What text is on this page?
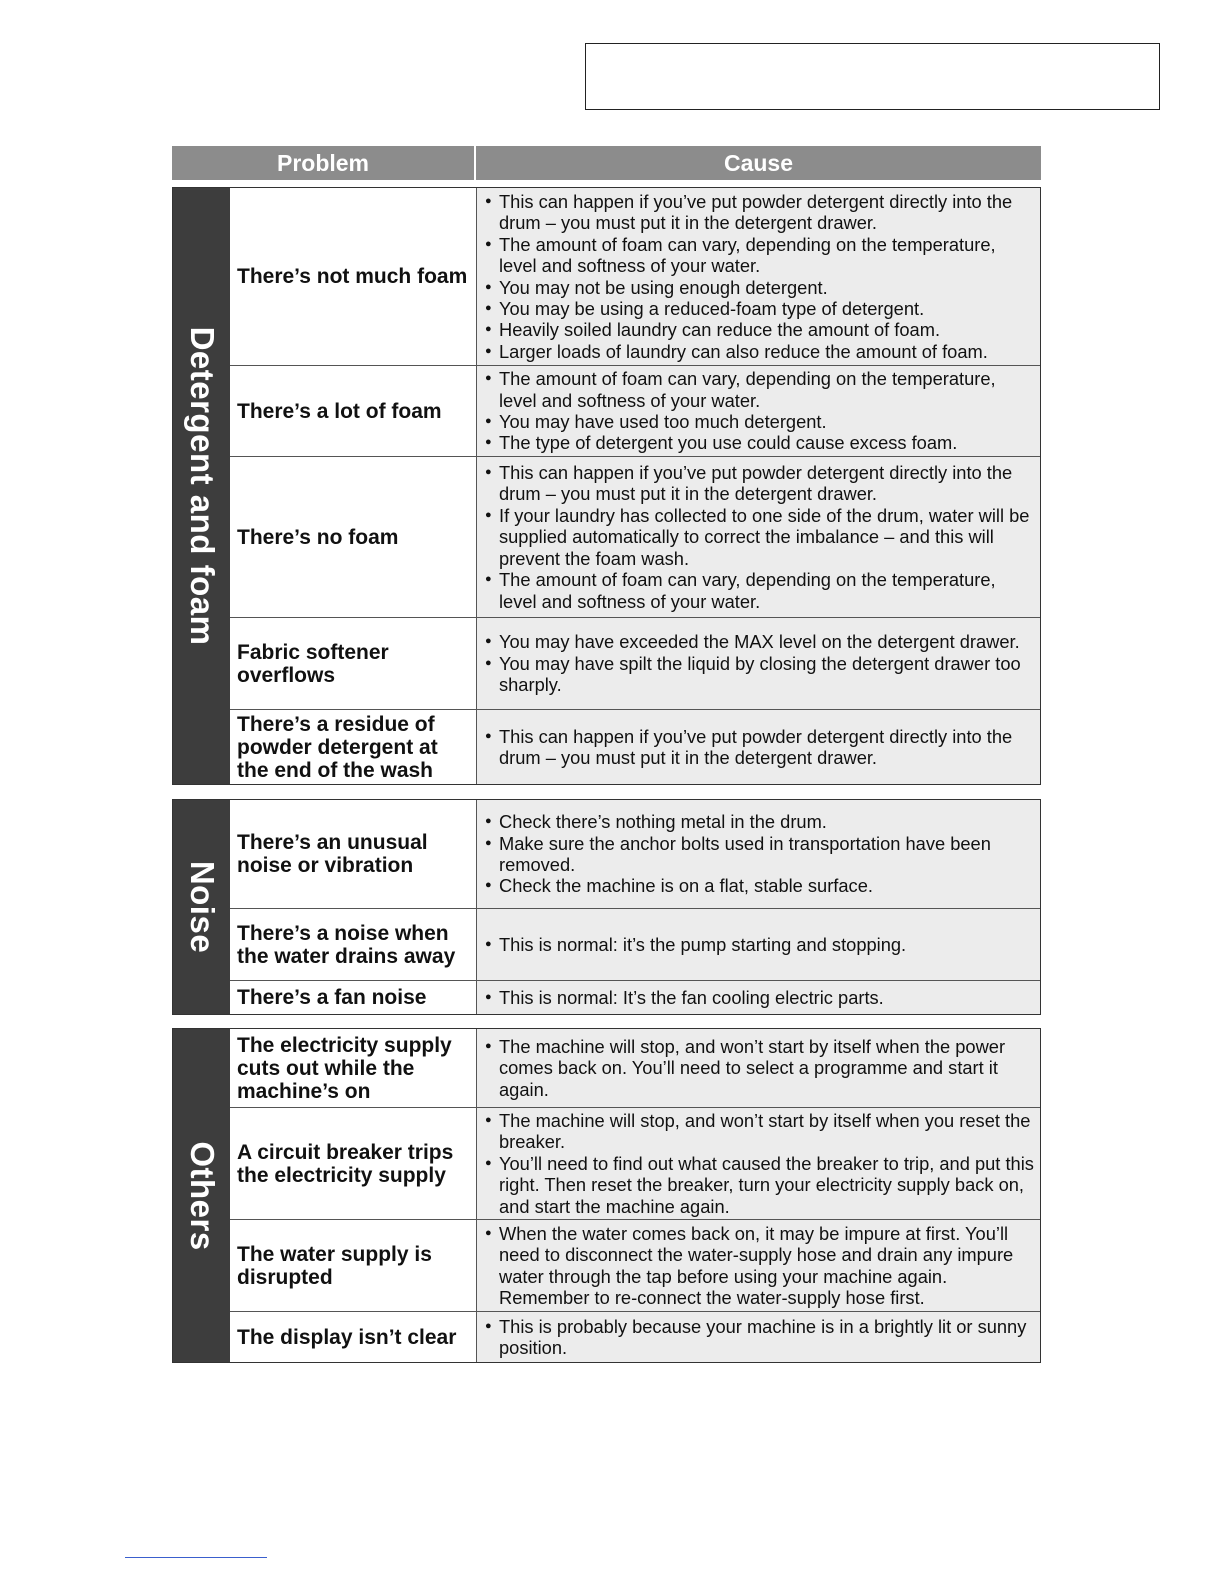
Problem	Cause
Detergent and foam
There’s not much foam
● This can happen if you’ve put powder detergent directly into the drum – you must put it in the detergent drawer.
● The amount of foam can vary, depending on the temperature, level and softness of your water.
● You may not be using enough detergent.
● You may be using a reduced-foam type of detergent.
● Heavily soiled laundry can reduce the amount of foam.
● Larger loads of laundry can also reduce the amount of foam.
There’s a lot of foam
● The amount of foam can vary, depending on the temperature, level and softness of your water.
● You may have used too much detergent.
● The type of detergent you use could cause excess foam.
There’s no foam
● This can happen if you’ve put powder detergent directly into the drum – you must put it in the detergent drawer.
● If your laundry has collected to one side of the drum, water will be supplied automatically to correct the imbalance – and this will prevent the foam wash.
● The amount of foam can vary, depending on the temperature, level and softness of your water.
Fabric softener overflows
● You may have exceeded the MAX level on the detergent drawer.
● You may have spilt the liquid by closing the detergent drawer too sharply.
There’s a residue of powder detergent at the end of the wash
● This can happen if you’ve put powder detergent directly into the drum – you must put it in the detergent drawer.
Noise
There’s an unusual noise or vibration
● Check there’s nothing metal in the drum.
● Make sure the anchor bolts used in transportation have been removed.
● Check the machine is on a flat, stable surface.
There’s a noise when the water drains away
● This is normal: it’s the pump starting and stopping.
There’s a fan noise	● This is normal: It’s the fan cooling electric parts.
Others
The electricity supply cuts out while the machine’s on
● The machine will stop, and won’t start by itself when the power comes back on. You’ll need to select a programme and start it again.
A circuit breaker trips the electricity supply
● The machine will stop, and won’t start by itself when you reset the breaker.
● You’ll need to find out what caused the breaker to trip, and put this right. Then reset the breaker, turn your electricity supply back on, and start the machine again.
The water supply is disrupted
● When the water comes back on, it may be impure at first. You’ll need to disconnect the water-supply hose and drain any impure water through the tap before using your machine again. Remember to re-connect the water-supply hose first.
The display isn’t clear	● This is probably because your machine is in a brightly lit or sunny position.
